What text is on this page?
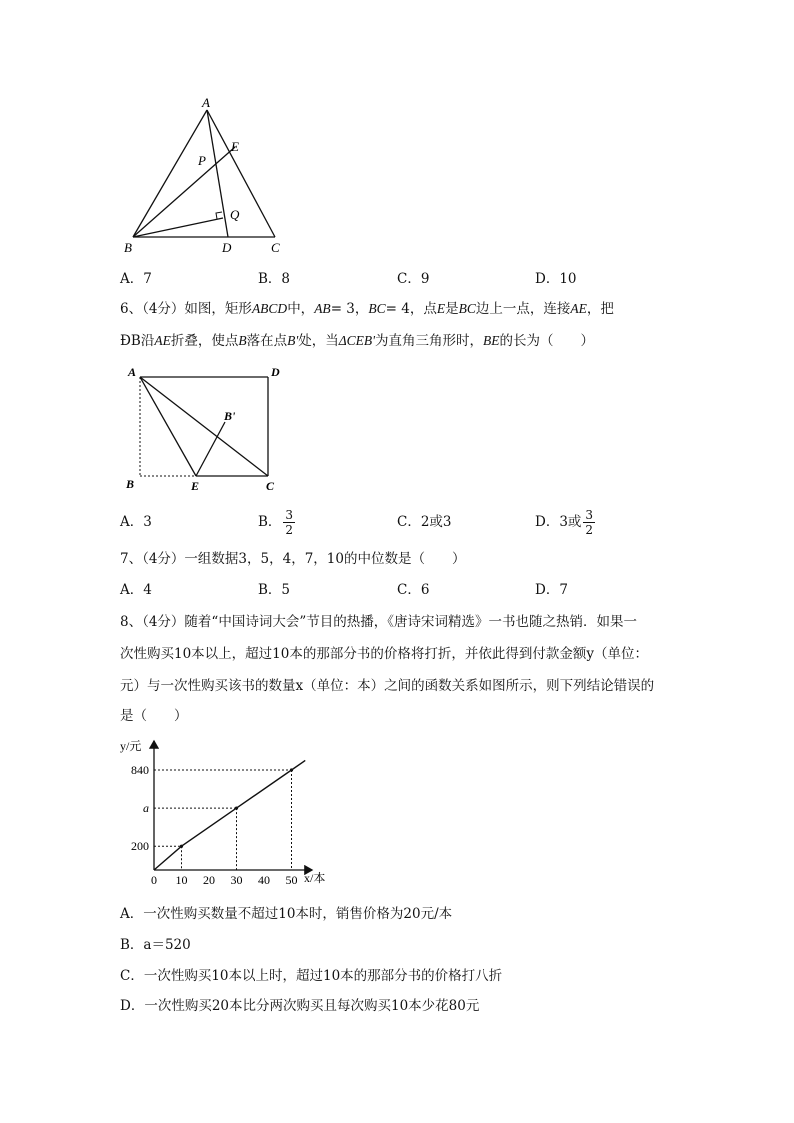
A
E
P
Q
B	D	C
A．7	B．8	C．9	D．10
6、（4分）如图，矩形ABCD中，AB= 3，BC= 4，点E是BC边上一点，连接AE，把
ÐB沿AE折叠，使点B落在点B'处，当ΔCEB'为直角三角形时，BE的长为（　　）
A	D
B'
B	E	C
A．3	B． $\frac{3}{2}$	C．2或3	D．3或 $\frac{3}{2}$
7、（4分）一组数据3，5，4，7，10的中位数是（　　）
A．4	B．5	C．6	D．7
8、（4分）随着“中国诗词大会”节目的热播，《唐诗宋词精选》一书也随之热销．如果一
次性购买10本以上，超过10本的那部分书的价格将打折，并依此得到付款金额y（单位：
元）与一次性购买该书的数量x（单位：本）之间的函数关系如图所示，则下列结论错误的
是（　　）
y/元
x/本
200
a
840
0 10 20 30 40 50
A．一次性购买数量不超过10本时，销售价格为20元/本
B．a＝520
C．一次性购买10本以上时，超过10本的那部分书的价格打八折
D．一次性购买20本比分两次购买且每次购买10本少花80元
